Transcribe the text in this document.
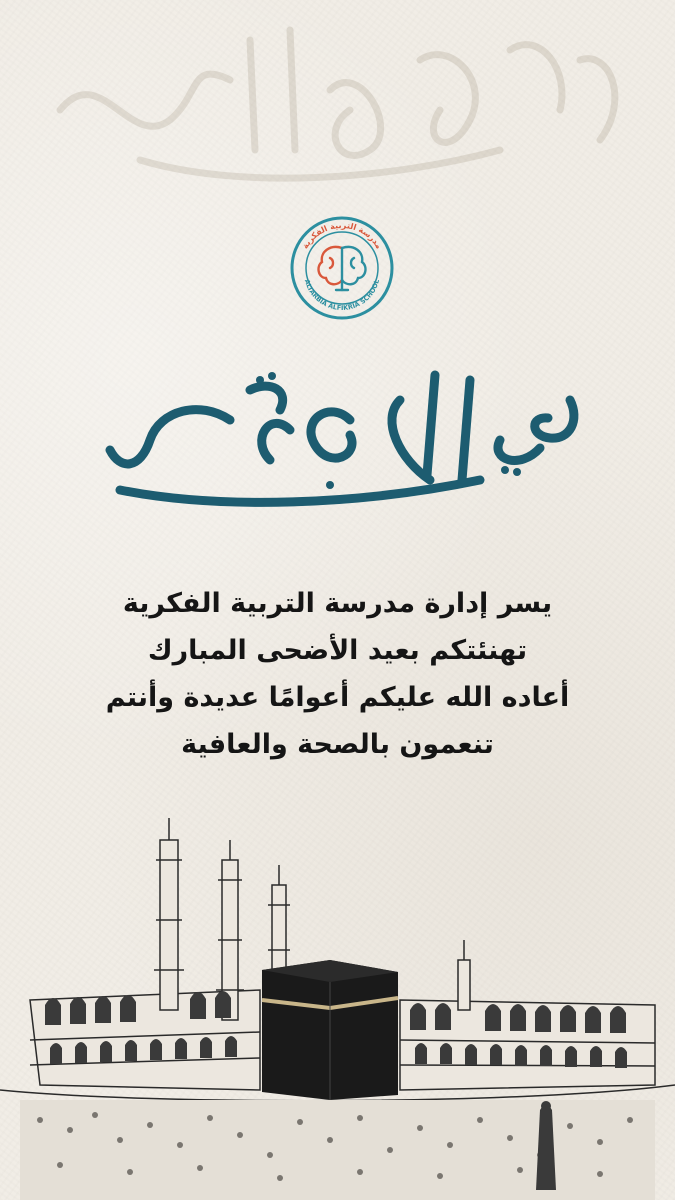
مدرسة التربية الفكرية
ALTARBIA ALFIKRIA SCHOOL
يسر إدارة مدرسة التربية الفكرية
تهنئتكم بعيد الأضحى المبارك
أعاده الله عليكم أعوامًا عديدة وأنتم
تنعمون بالصحة والعافية
